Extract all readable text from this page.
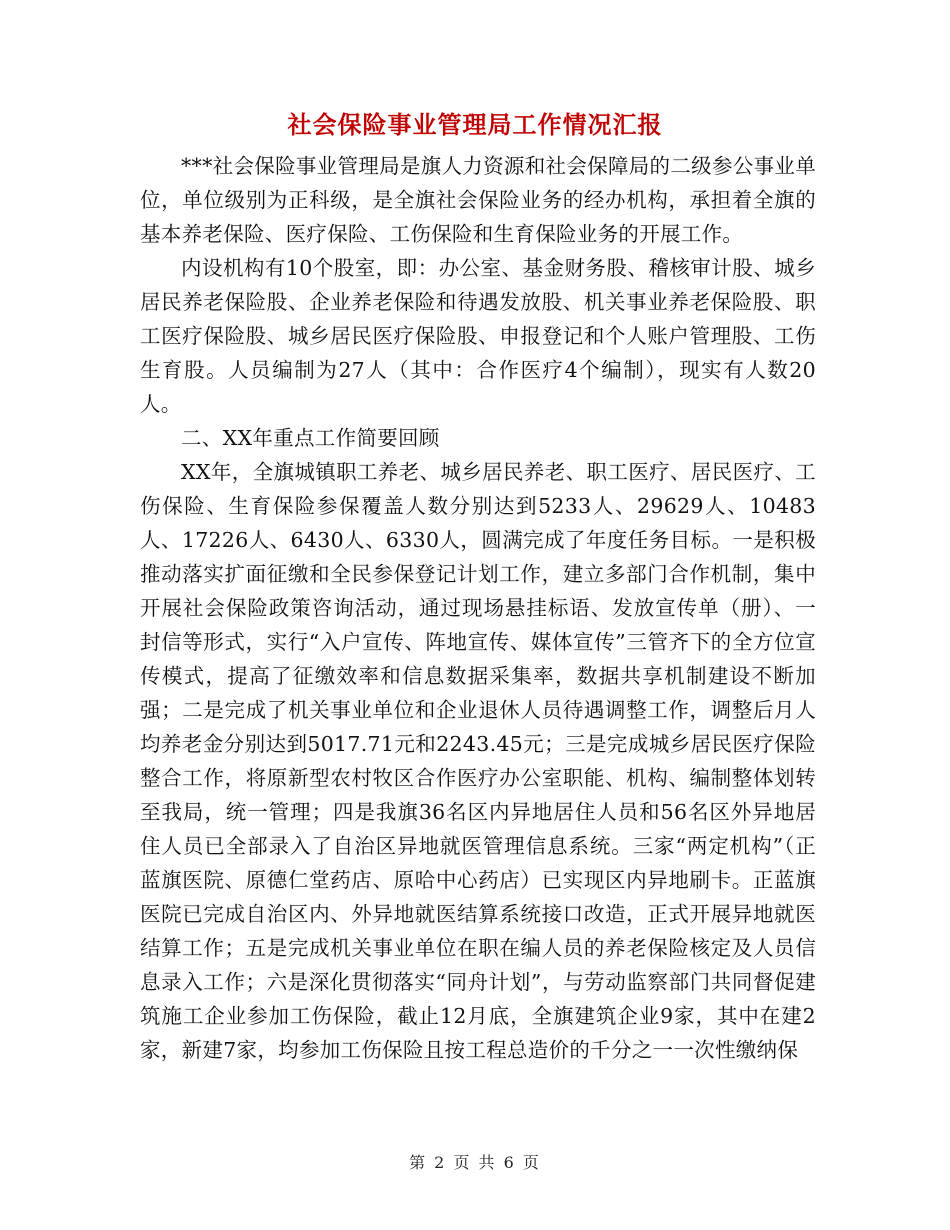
社会保险事业管理局工作情况汇报

***社会保险事业管理局是旗人力资源和社会保障局的二级参公事业单位，单位级别为正科级，是全旗社会保险业务的经办机构，承担着全旗的基本养老保险、医疗保险、工伤保险和生育保险业务的开展工作。

内设机构有10个股室，即：办公室、基金财务股、稽核审计股、城乡居民养老保险股、企业养老保险和待遇发放股、机关事业养老保险股、职工医疗保险股、城乡居民医疗保险股、申报登记和个人账户管理股、工伤生育股。人员编制为27人（其中：合作医疗4个编制），现实有人数20人。

二、XX年重点工作简要回顾

XX年，全旗城镇职工养老、城乡居民养老、职工医疗、居民医疗、工伤保险、生育保险参保覆盖人数分别达到5233人、29629人、10483人、17226人、6430人、6330人，圆满完成了年度任务目标。一是积极推动落实扩面征缴和全民参保登记计划工作，建立多部门合作机制，集中开展社会保险政策咨询活动，通过现场悬挂标语、发放宣传单（册）、一封信等形式，实行“入户宣传、阵地宣传、媒体宣传”三管齐下的全方位宣传模式，提高了征缴效率和信息数据采集率，数据共享机制建设不断加强；二是完成了机关事业单位和企业退休人员待遇调整工作，调整后月人均养老金分别达到5017.71元和2243.45元；三是完成城乡居民医疗保险整合工作，将原新型农村牧区合作医疗办公室职能、机构、编制整体划转至我局，统一管理；四是我旗36名区内异地居住人员和56名区外异地居住人员已全部录入了自治区异地就医管理信息系统。三家“两定机构”（正蓝旗医院、原德仁堂药店、原哈中心药店）已实现区内异地刷卡。正蓝旗医院已完成自治区内、外异地就医结算系统接口改造，正式开展异地就医结算工作；五是完成机关事业单位在职在编人员的养老保险核定及人员信息录入工作；六是深化贯彻落实“同舟计划”，与劳动监察部门共同督促建筑施工企业参加工伤保险，截止12月底，全旗建筑企业9家，其中在建2家，新建7家，均参加工伤保险且按工程总造价的千分之一一次性缴纳保

第 2 页 共 6 页
